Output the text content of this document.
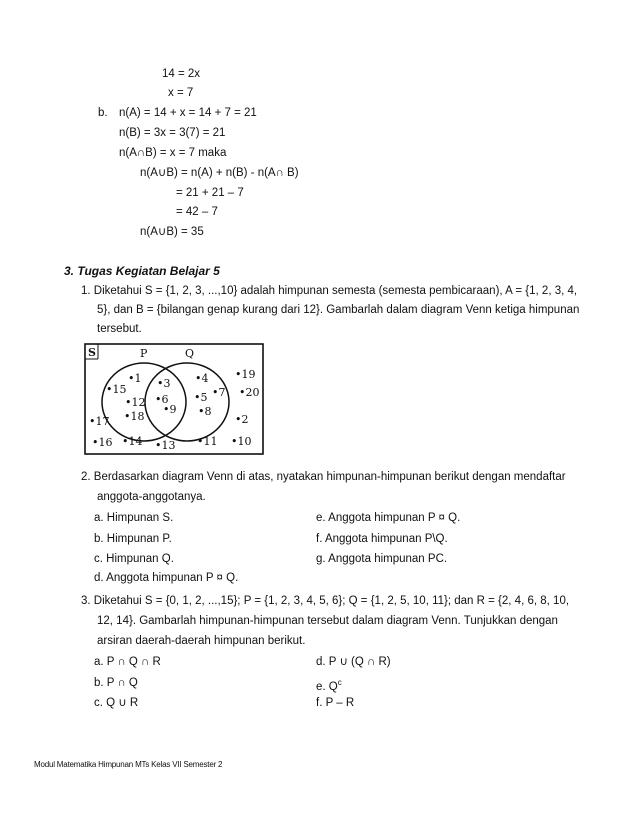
14 = 2x
x = 7
b. n(A) = 14 + x = 14 + 7 = 21
n(B) = 3x = 3(7) = 21
n(A∩B) = x = 7 maka
n(A∪B) = n(A) + n(B) - n(A∩ B)
= 21 + 21 – 7
= 42 – 7
n(A∪B) = 35
3. Tugas Kegiatan Belajar 5
1. Diketahui S = {1, 2, 3, ...,10} adalah himpunan semesta (semesta pembicaraan), A = {1, 2, 3, 4,
5}, dan B = {bilangan genap kurang dari 12}. Gambarlah dalam diagram Venn ketiga himpunan
tersebut.
S	P	Q
•1
•15
•12
•18
•3
•6
•9
•4
•5
•8
•7
•19
•20
•17	•2
•16 •14 •13 •11 •10
2. Berdasarkan diagram Venn di atas, nyatakan himpunan-himpunan berikut dengan mendaftar
anggota-anggotanya.
a. Himpunan S.
b. Himpunan P.
c. Himpunan Q.
d. Anggota himpunan P ¤ Q.
e. Anggota himpunan P ¤ Q.
f. Anggota himpunan P\Q.
g. Anggota himpunan PC.
3. Diketahui S = {0, 1, 2, ...,15}; P = {1, 2, 3, 4, 5, 6}; Q = {1, 2, 5, 10, 11}; dan R = {2, 4, 6, 8, 10,
12, 14}. Gambarlah himpunan-himpunan tersebut dalam diagram Venn. Tunjukkan dengan
arsiran daerah-daerah himpunan berikut.
a. P ∩ Q ∩ R
b. P ∩ Q
c. Q ∪ R
d. P ∪ (Q ∩ R)
e. $Q^c$
f. P – R
Modul Matematika Himpunan MTs Kelas VII Semester 2
